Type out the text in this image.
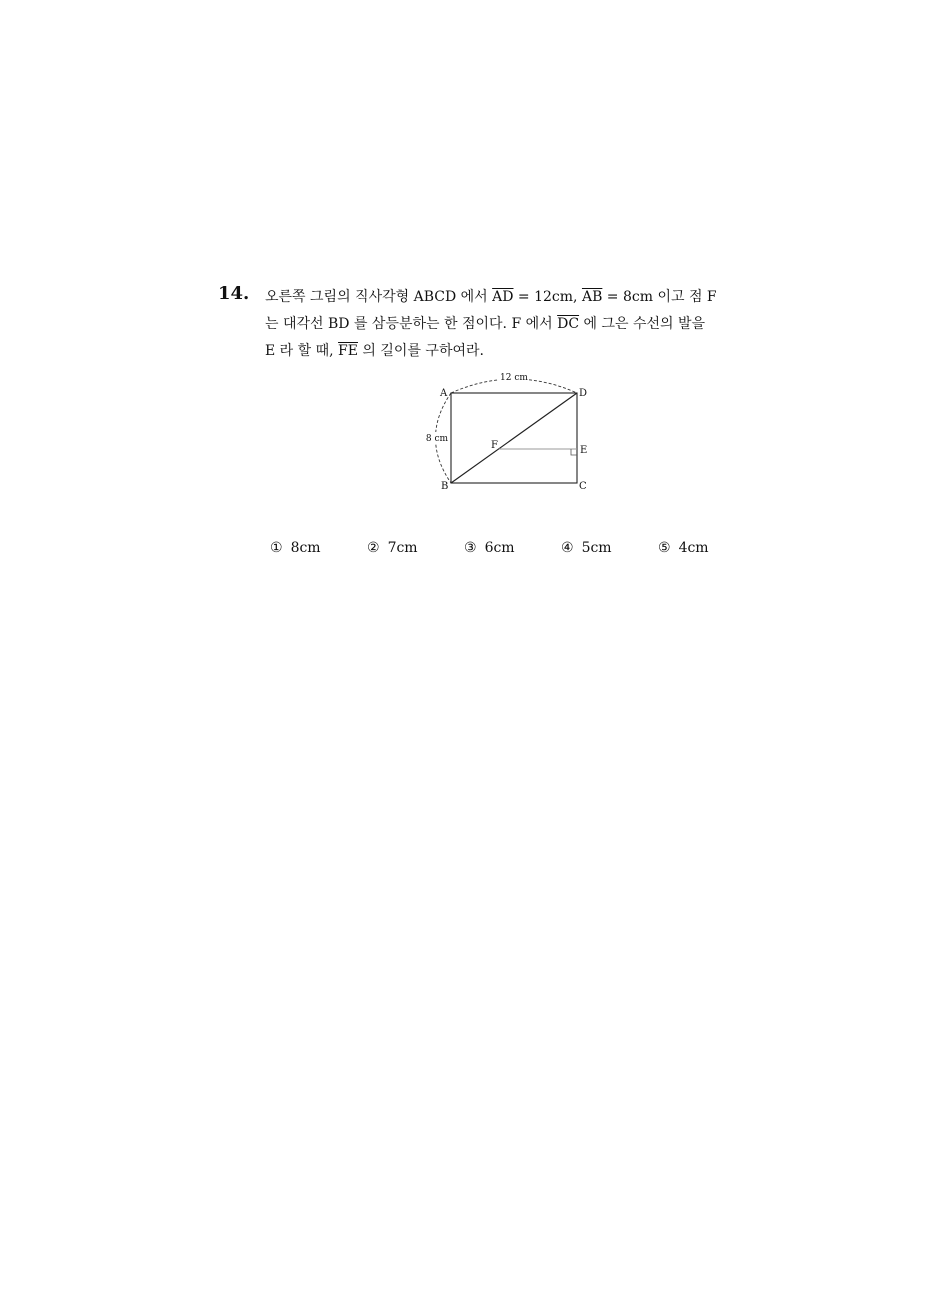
14. 오른쪽 그림의 직사각형 ABCD 에서 $\overline{AD} = 12cm$, $\overline{AB} = 8cm$ 이고 점 F
는 대각선 BD 를 삼등분하는 한 점이다. F 에서 $\overline{DC}$ 에 그은 수선의 발을
E 라 할 때, $\overline{FE}$ 의 길이를 구하여라.
12 cm
8 cm
A	D
B	C
E
F
① 8cm	② 7cm	③ 6cm	④ 5cm	⑤ 4cm
